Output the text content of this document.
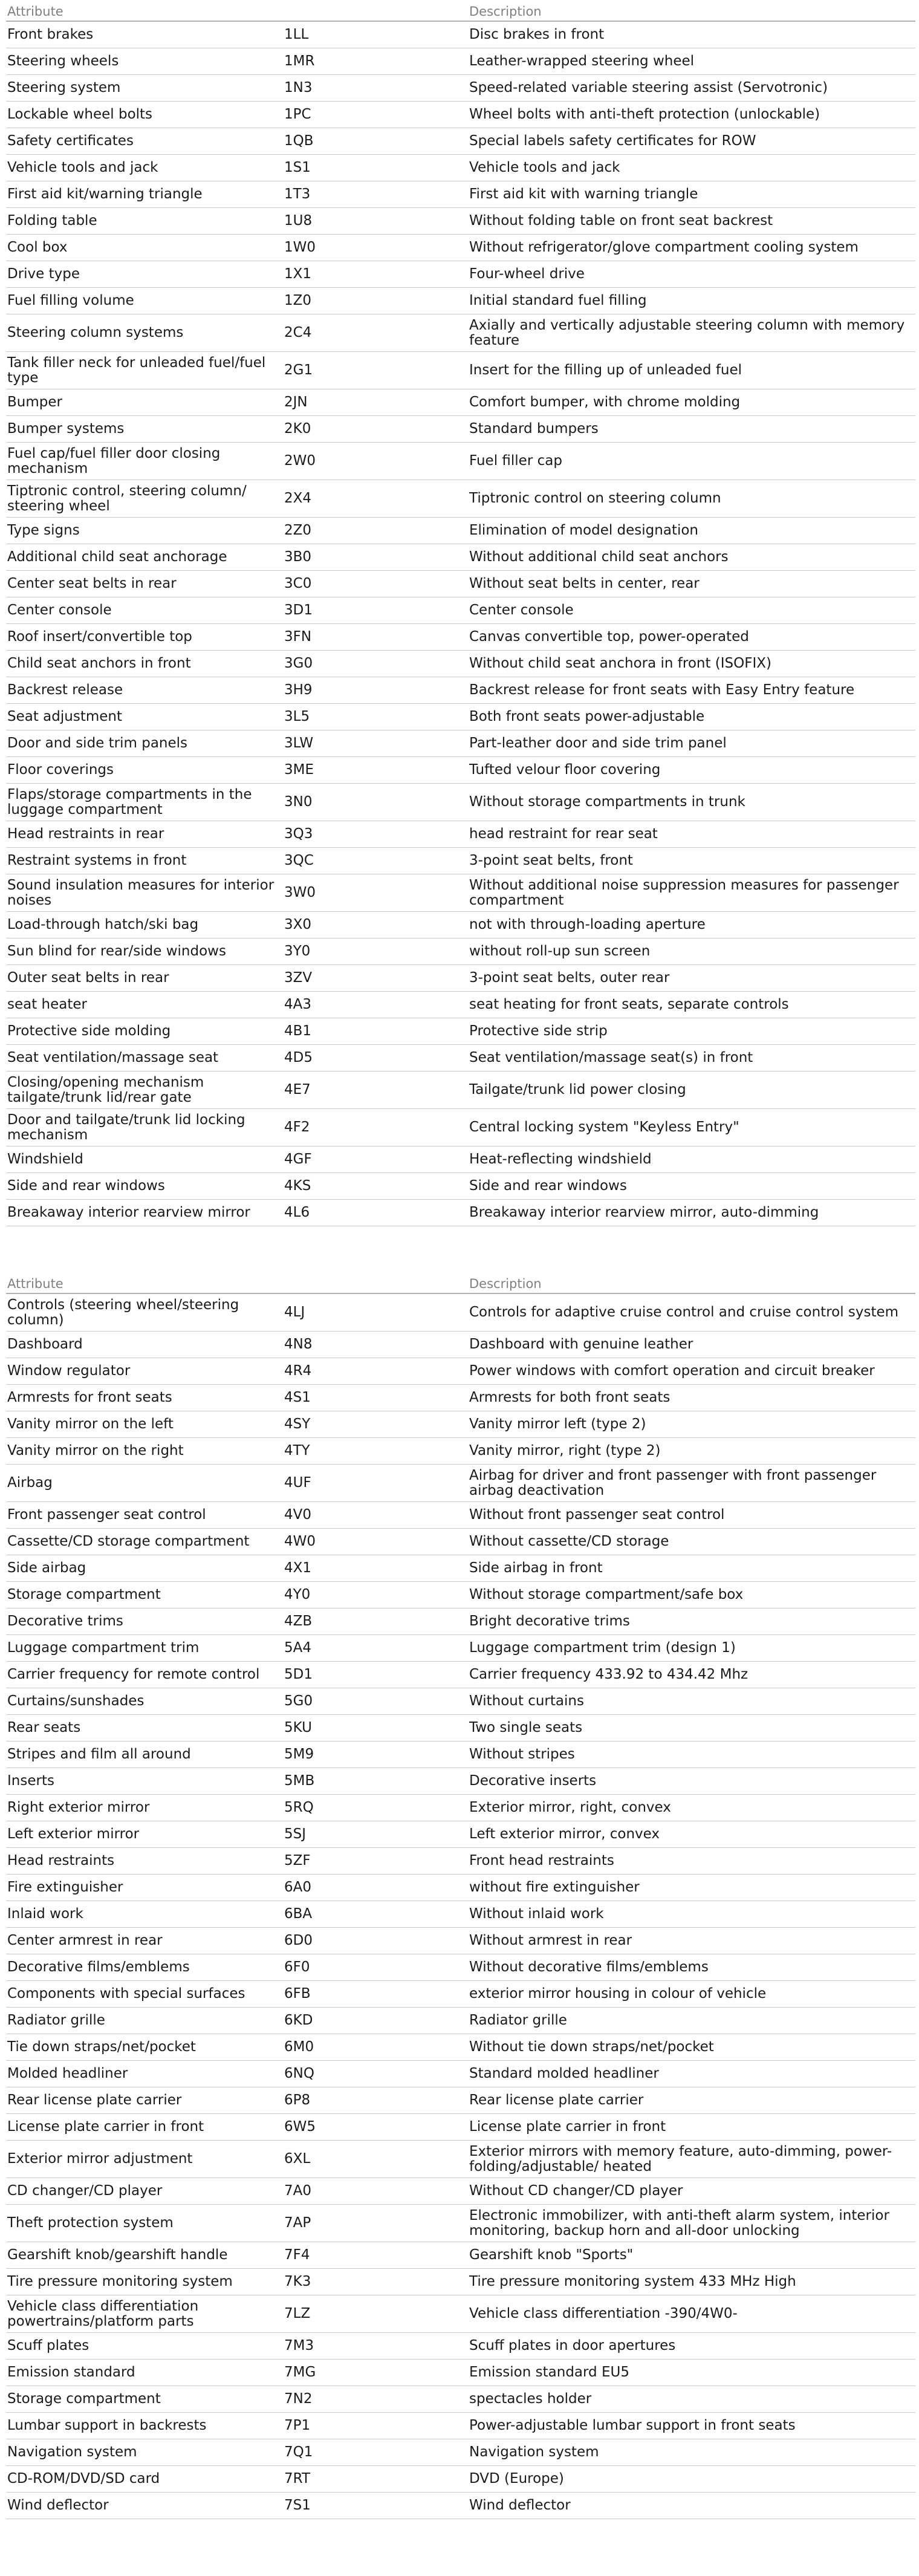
Attribute	Description
Front brakes	1LL	Disc brakes in front
Steering wheels	1MR	Leather-wrapped steering wheel
Steering system	1N3	Speed-related variable steering assist (Servotronic)
Lockable wheel bolts	1PC	Wheel bolts with anti-theft protection (unlockable)
Safety certificates	1QB	Special labels safety certificates for ROW
Vehicle tools and jack	1S1	Vehicle tools and jack
First aid kit/warning triangle	1T3	First aid kit with warning triangle
Folding table	1U8	Without folding table on front seat backrest
Cool box	1W0	Without refrigerator/glove compartment cooling system
Drive type	1X1	Four-wheel drive
Fuel filling volume	1Z0	Initial standard fuel filling
Steering column systems	2C4	Axially and vertically adjustable steering column with memory feature
Tank filler neck for unleaded fuel/fuel type	2G1	Insert for the filling up of unleaded fuel
Bumper	2JN	Comfort bumper, with chrome molding
Bumper systems	2K0	Standard bumpers
Fuel cap/fuel filler door closing mechanism	2W0	Fuel filler cap
Tiptronic control, steering column/ steering wheel	2X4	Tiptronic control on steering column
Type signs	2Z0	Elimination of model designation
Additional child seat anchorage	3B0	Without additional child seat anchors
Center seat belts in rear	3C0	Without seat belts in center, rear
Center console	3D1	Center console
Roof insert/convertible top	3FN	Canvas convertible top, power-operated
Child seat anchors in front	3G0	Without child seat anchora in front (ISOFIX)
Backrest release	3H9	Backrest release for front seats with Easy Entry feature
Seat adjustment	3L5	Both front seats power-adjustable
Door and side trim panels	3LW	Part-leather door and side trim panel
Floor coverings	3ME	Tufted velour floor covering
Flaps/storage compartments in the luggage compartment	3N0	Without storage compartments in trunk
Head restraints in rear	3Q3	head restraint for rear seat
Restraint systems in front	3QC	3-point seat belts, front
Sound insulation measures for interior noises	3W0	Without additional noise suppression measures for passenger compartment
Load-through hatch/ski bag	3X0	not with through-loading aperture
Sun blind for rear/side windows	3Y0	without roll-up sun screen
Outer seat belts in rear	3ZV	3-point seat belts, outer rear
seat heater	4A3	seat heating for front seats, separate controls
Protective side molding	4B1	Protective side strip
Seat ventilation/massage seat	4D5	Seat ventilation/massage seat(s) in front
Closing/opening mechanism tailgate/trunk lid/rear gate	4E7	Tailgate/trunk lid power closing
Door and tailgate/trunk lid locking mechanism	4F2	Central locking system "Keyless Entry"
Windshield	4GF	Heat-reflecting windshield
Side and rear windows	4KS	Side and rear windows
Breakaway interior rearview mirror	4L6	Breakaway interior rearview mirror, auto-dimming
Attribute	Description
Controls (steering wheel/steering column)	4LJ	Controls for adaptive cruise control and cruise control system
Dashboard	4N8	Dashboard with genuine leather
Window regulator	4R4	Power windows with comfort operation and circuit breaker
Armrests for front seats	4S1	Armrests for both front seats
Vanity mirror on the left	4SY	Vanity mirror left (type 2)
Vanity mirror on the right	4TY	Vanity mirror, right (type 2)
Airbag	4UF	Airbag for driver and front passenger with front passenger airbag deactivation
Front passenger seat control	4V0	Without front passenger seat control
Cassette/CD storage compartment	4W0	Without cassette/CD storage
Side airbag	4X1	Side airbag in front
Storage compartment	4Y0	Without storage compartment/safe box
Decorative trims	4ZB	Bright decorative trims
Luggage compartment trim	5A4	Luggage compartment trim (design 1)
Carrier frequency for remote control	5D1	Carrier frequency 433.92 to 434.42 Mhz
Curtains/sunshades	5G0	Without curtains
Rear seats	5KU	Two single seats
Stripes and film all around	5M9	Without stripes
Inserts	5MB	Decorative inserts
Right exterior mirror	5RQ	Exterior mirror, right, convex
Left exterior mirror	5SJ	Left exterior mirror, convex
Head restraints	5ZF	Front head restraints
Fire extinguisher	6A0	without fire extinguisher
Inlaid work	6BA	Without inlaid work
Center armrest in rear	6D0	Without armrest in rear
Decorative films/emblems	6F0	Without decorative films/emblems
Components with special surfaces	6FB	exterior mirror housing in colour of vehicle
Radiator grille	6KD	Radiator grille
Tie down straps/net/pocket	6M0	Without tie down straps/net/pocket
Molded headliner	6NQ	Standard molded headliner
Rear license plate carrier	6P8	Rear license plate carrier
License plate carrier in front	6W5	License plate carrier in front
Exterior mirror adjustment	6XL	Exterior mirrors with memory feature, auto-dimming, power-folding/adjustable/ heated
CD changer/CD player	7A0	Without CD changer/CD player
Theft protection system	7AP	Electronic immobilizer, with anti-theft alarm system, interior monitoring, backup horn and all-door unlocking
Gearshift knob/gearshift handle	7F4	Gearshift knob "Sports"
Tire pressure monitoring system	7K3	Tire pressure monitoring system 433 MHz High
Vehicle class differentiation powertrains/platform parts	7LZ	Vehicle class differentiation -390/4W0-
Scuff plates	7M3	Scuff plates in door apertures
Emission standard	7MG	Emission standard EU5
Storage compartment	7N2	spectacles holder
Lumbar support in backrests	7P1	Power-adjustable lumbar support in front seats
Navigation system	7Q1	Navigation system
CD-ROM/DVD/SD card	7RT	DVD (Europe)
Wind deflector	7S1	Wind deflector
